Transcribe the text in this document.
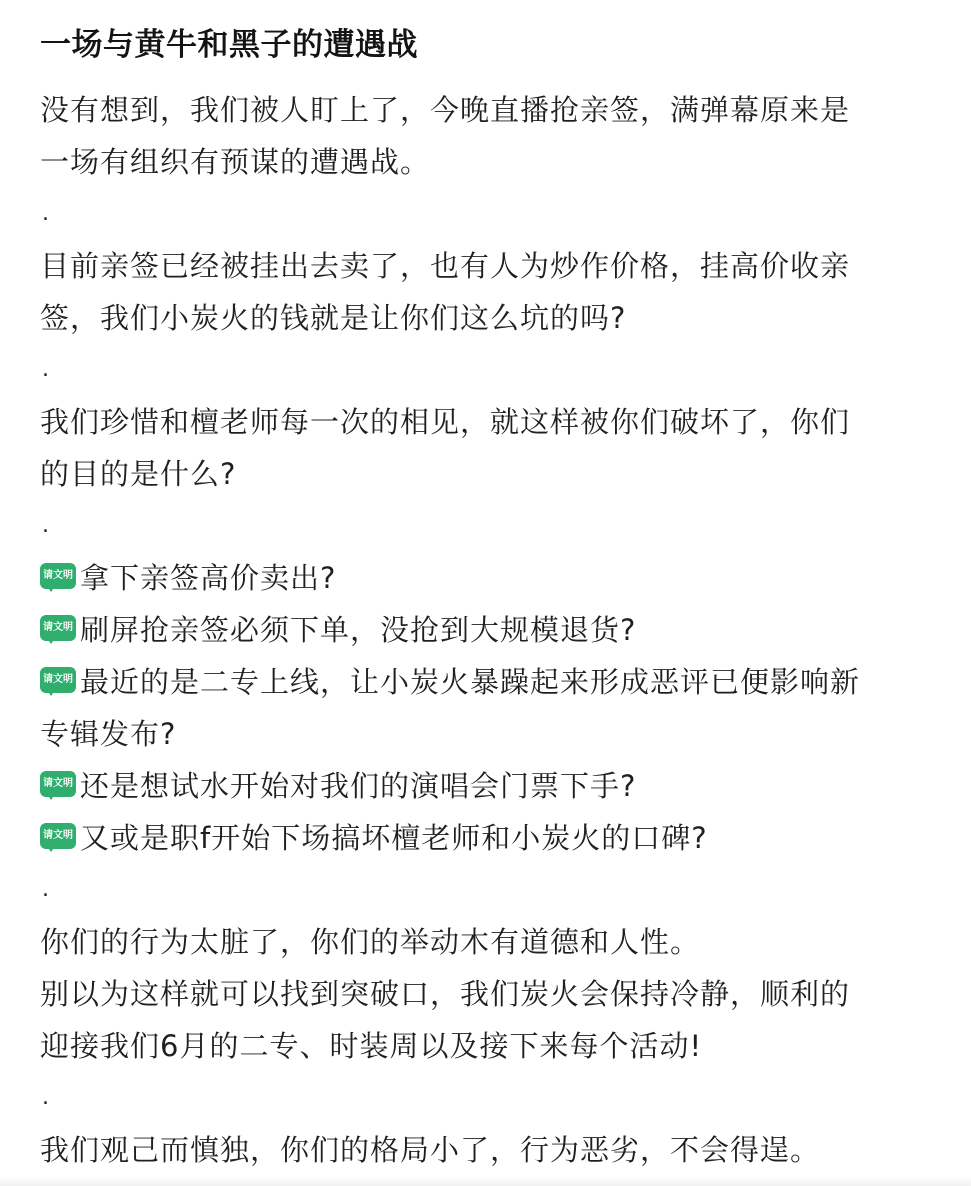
一场与黄牛和黑子的遭遇战
没有想到，我们被人盯上了，今晚直播抢亲签，满弹幕原来是
一场有组织有预谋的遭遇战。
.
目前亲签已经被挂出去卖了，也有人为炒作价格，挂高价收亲
签，我们小炭火的钱就是让你们这么坑的吗?
.
我们珍惜和檀老师每一次的相见，就这样被你们破坏了，你们
的目的是什么?
.
请文明 拿下亲签高价卖出?
请文明 刷屏抢亲签必须下单，没抢到大规模退货?
请文明 最近的是二专上线，让小炭火暴躁起来形成恶评已便影响新
专辑发布?
请文明 还是想试水开始对我们的演唱会门票下手?
请文明 又或是职f开始下场搞坏檀老师和小炭火的口碑?
.
你们的行为太脏了，你们的举动木有道德和人性。
别以为这样就可以找到突破口，我们炭火会保持冷静，顺利的
迎接我们6月的二专、时装周以及接下来每个活动!
.
我们观己而慎独，你们的格局小了，行为恶劣，不会得逞。
